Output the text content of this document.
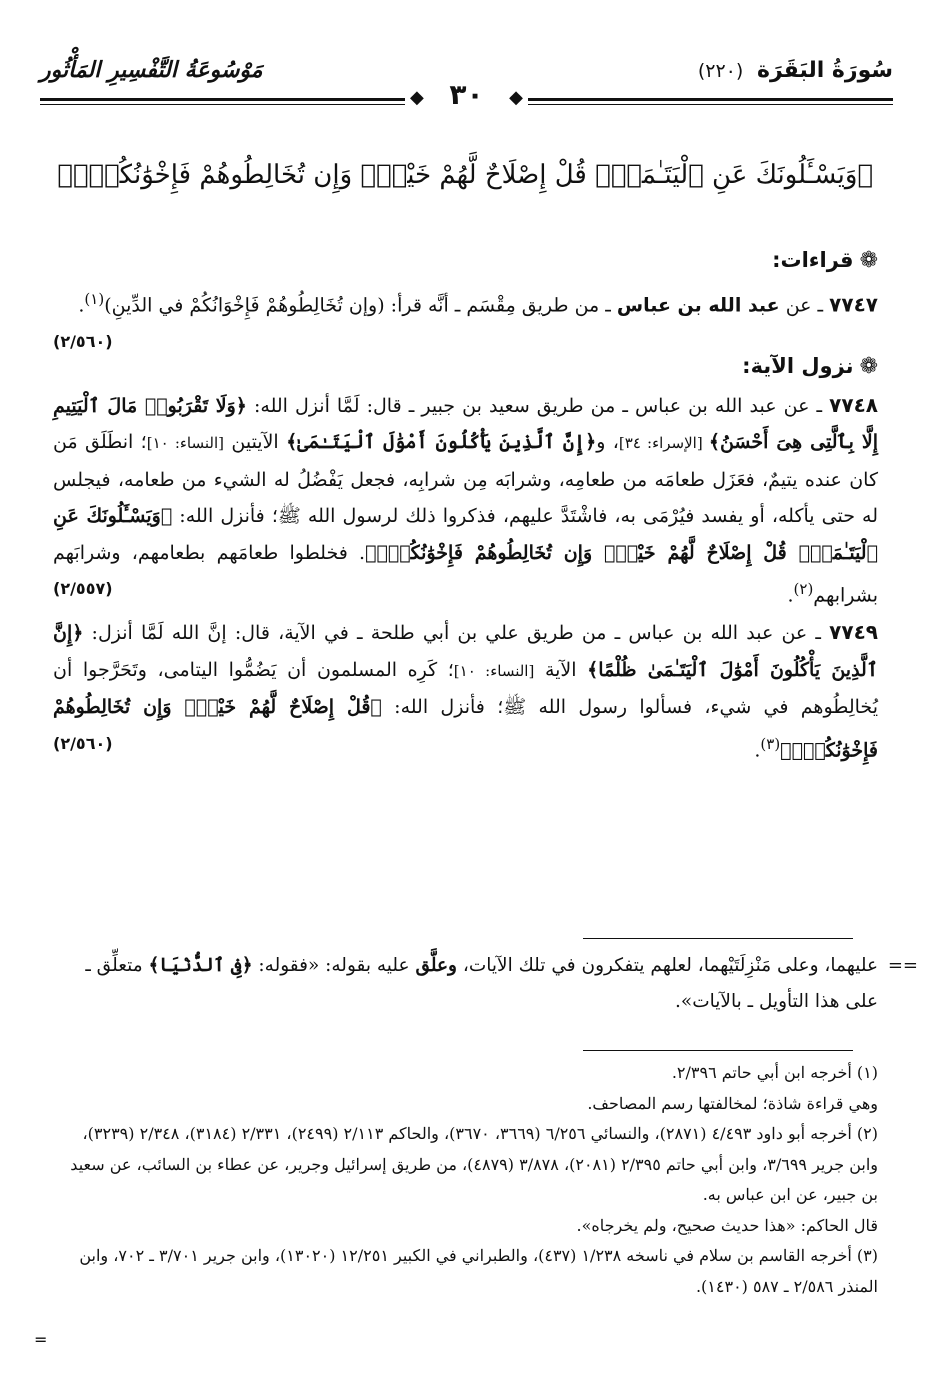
سُورَةُ البَقَرَة (٢٢٠)
مَوْسُوعَةُ التَّفْسِيرِ المَأْثُور
◆
◆ ٣٠
﴿وَيَسْـَٔلُونَكَ عَنِ ٱلْيَتَـٰمَىٰۖ قُلْ إِصْلَاحٌ لَّهُمْ خَيْرٌۖ وَإِن تُخَالِطُوهُمْ فَإِخْوَٰنُكُمْۚ﴾
❁قراءات:

٧٧٤٧ ـ عن عبد الله بن عباس ـ من طريق مِقْسَم ـ أنَّه قرأ: (وإن تُخَالِطُوهُمْ فَإِخْوَانُكُمْ في الدِّينِ)$^{(١)}$.
(٢/٥٦٠)

❁نزول الآية:

٧٧٤٨ ـ عن عبد الله بن عباس ـ من طريق سعيد بن جبير ـ قال: لَمَّا أنزل الله: ﴿وَلَا تَقْرَبُوا۟ مَالَ ٱلْيَتِيمِ إِلَّا بِٱلَّتِى هِىَ أَحْسَنُ﴾ [الإسراء: ٣٤]، و﴿إِنَّ ٱلَّذِينَ يَأْكُلُونَ أَمْوَٰلَ ٱلْيَتَـٰمَىٰ﴾ الآيتين [النساء: ١٠]؛ انطَلَق مَن كان عنده يتيمٌ، فعَزَل طعامَه من طعامِه، وشرابَه مِن شرابِه، فجعل يَفْضُلُ له الشيء من طعامه، فيجلس له حتى يأكله، أو يفسد فيُرْمَى به، فاشْتَدَّ عليهم، فذكروا ذلك لرسول الله ﷺ؛ فأنزل الله: ﴿وَيَسْـَٔلُونَكَ عَنِ ٱلْيَتَـٰمَىٰۖ قُلْ إِصْلَاحٌ لَّهُمْ خَيْرٌۖ وَإِن تُخَالِطُوهُمْ فَإِخْوَٰنُكُمْۚ﴾. فخلطوا طعامَهم بطعامهم، وشرابَهم بشرابهم$^{(٢)}$.
(٢/٥٥٧)

٧٧٤٩ ـ عن عبد الله بن عباس ـ من طريق علي بن أبي طلحة ـ في الآية، قال: إنَّ الله لَمَّا أنزل: ﴿إِنَّ ٱلَّذِينَ يَأْكُلُونَ أَمْوَٰلَ ٱلْيَتَـٰمَىٰ ظُلْمًا﴾ الآية [النساء: ١٠]؛ كَرِه المسلمون أن يَضُمُّوا اليتامى، وتَحَرَّجوا أن يُخالِطُوهم في شيء، فسألوا رسول الله ﷺ؛ فأنزل الله: ﴿قُلْ إِصْلَاحٌ لَّهُمْ خَيْرٌۖ وَإِن تُخَالِطُوهُمْ فَإِخْوَٰنُكُمْۚ﴾$^{(٣)}$.
(٢/٥٦٠)

==
عليهما، وعلى مَنْزِلَتَيْهما، لعلهم يتفكرون في تلك الآيات، وعلَّق عليه بقوله: «فقوله: ﴿فِى ٱلدُّنْيَا﴾ متعلِّق ـ على هذا التأويل ـ بالآيات».

(١) أخرجه ابن أبي حاتم ٢/٣٩٦.

وهي قراءة شاذة؛ لمخالفتها رسم المصاحف.

(٢) أخرجه أبو داود ٤/٤٩٣ (٢٨٧١)، والنسائي ٦/٢٥٦ (٣٦٦٩، ٣٦٧٠)، والحاكم ٢/١١٣ (٢٤٩٩)، ٢/٣٣١ (٣١٨٤)، ٢/٣٤٨ (٣٢٣٩)، وابن جرير ٣/٦٩٩، وابن أبي حاتم ٢/٣٩٥ (٢٠٨١)، ٣/٨٧٨ (٤٨٧٩)، من طريق إسرائيل وجرير، عن عطاء بن السائب، عن سعيد بن جبير، عن ابن عباس به.

قال الحاكم: «هذا حديث صحيح، ولم يخرجاه».

(٣) أخرجه القاسم بن سلام في ناسخه ١/٢٣٨ (٤٣٧)، والطبراني في الكبير ١٢/٢٥١ (١٣٠٢٠)، وابن جرير ٣/٧٠١ ـ ٧٠٢، وابن المنذر ٢/٥٨٦ ـ ٥٨٧ (١٤٣٠).

=
